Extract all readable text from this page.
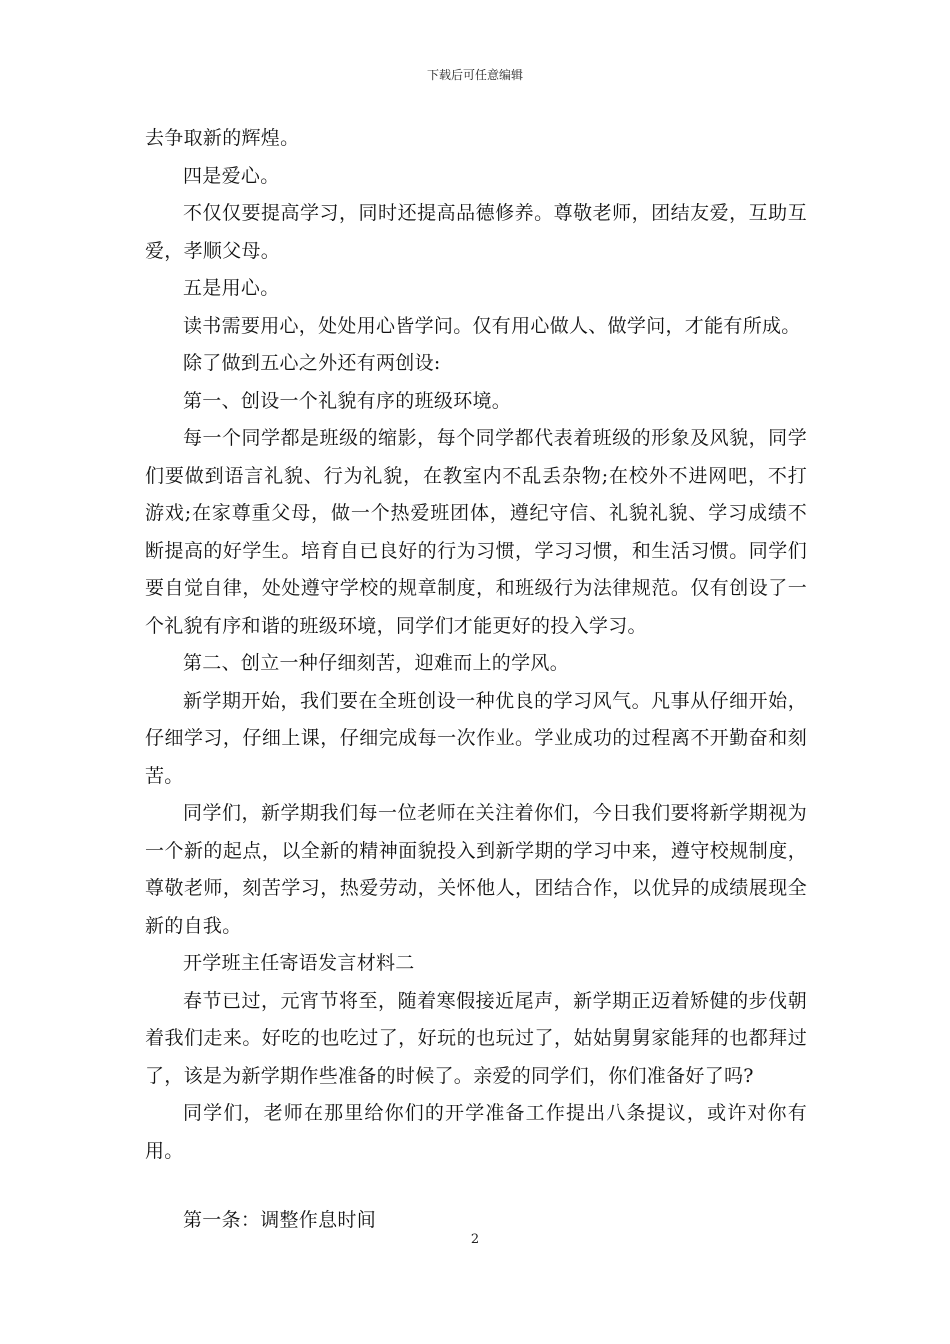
下载后可任意编辑

去争取新的辉煌。

四是爱心。

不仅仅要提高学习，同时还提高品德修养。尊敬老师，团结友爱，互助互爱，孝顺父母。

五是用心。

读书需要用心，处处用心皆学问。仅有用心做人、做学问，才能有所成。

除了做到五心之外还有两创设:

第一、创设一个礼貌有序的班级环境。

每一个同学都是班级的缩影，每个同学都代表着班级的形象及风貌，同学们要做到语言礼貌、行为礼貌，在教室内不乱丢杂物;在校外不进网吧，不打游戏;在家尊重父母，做一个热爱班团体，遵纪守信、礼貌礼貌、学习成绩不断提高的好学生。培育自已良好的行为习惯，学习习惯，和生活习惯。同学们要自觉自律，处处遵守学校的规章制度，和班级行为法律规范。仅有创设了一个礼貌有序和谐的班级环境，同学们才能更好的投入学习。

第二、创立一种仔细刻苦，迎难而上的学风。

新学期开始，我们要在全班创设一种优良的学习风气。凡事从仔细开始，仔细学习，仔细上课，仔细完成每一次作业。学业成功的过程离不开勤奋和刻苦。

同学们，新学期我们每一位老师在关注着你们，今日我们要将新学期视为一个新的起点，以全新的精神面貌投入到新学期的学习中来，遵守校规制度，尊敬老师，刻苦学习，热爱劳动，关怀他人，团结合作，以优异的成绩展现全新的自我。

开学班主任寄语发言材料二

春节已过，元宵节将至，随着寒假接近尾声，新学期正迈着矫健的步伐朝着我们走来。好吃的也吃过了，好玩的也玩过了，姑姑舅舅家能拜的也都拜过了，该是为新学期作些准备的时候了。亲爱的同学们，你们准备好了吗?

同学们，老师在那里给你们的开学准备工作提出八条提议，或许对你有用。

第一条：调整作息时间

2
